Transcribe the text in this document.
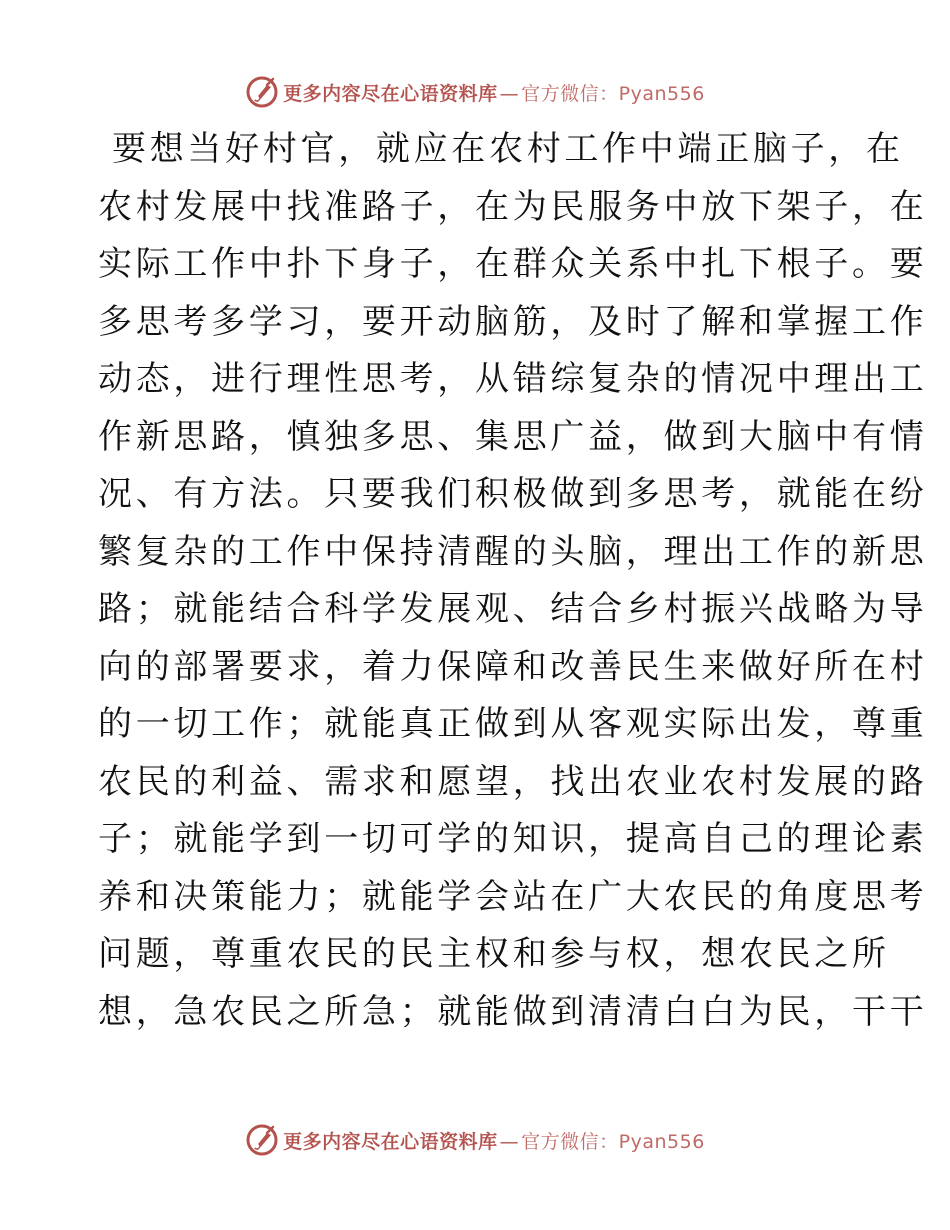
更多内容尽在心语资料库 — 官方微信：Pyan556
要想当好村官，就应在农村工作中端正脑子，在
农村发展中找准路子，在为民服务中放下架子，在
实际工作中扑下身子，在群众关系中扎下根子。要
多思考多学习，要开动脑筋，及时了解和掌握工作
动态，进行理性思考，从错综复杂的情况中理出工
作新思路，慎独多思、集思广益，做到大脑中有情
况、有方法。只要我们积极做到多思考，就能在纷
繁复杂的工作中保持清醒的头脑，理出工作的新思
路；就能结合科学发展观、结合乡村振兴战略为导
向的部署要求，着力保障和改善民生来做好所在村
的一切工作；就能真正做到从客观实际出发，尊重
农民的利益、需求和愿望，找出农业农村发展的路
子；就能学到一切可学的知识，提高自己的理论素
养和决策能力；就能学会站在广大农民的角度思考
问题，尊重农民的民主权和参与权，想农民之所
想，急农民之所急；就能做到清清白白为民，干干
更多内容尽在心语资料库 — 官方微信：Pyan556
